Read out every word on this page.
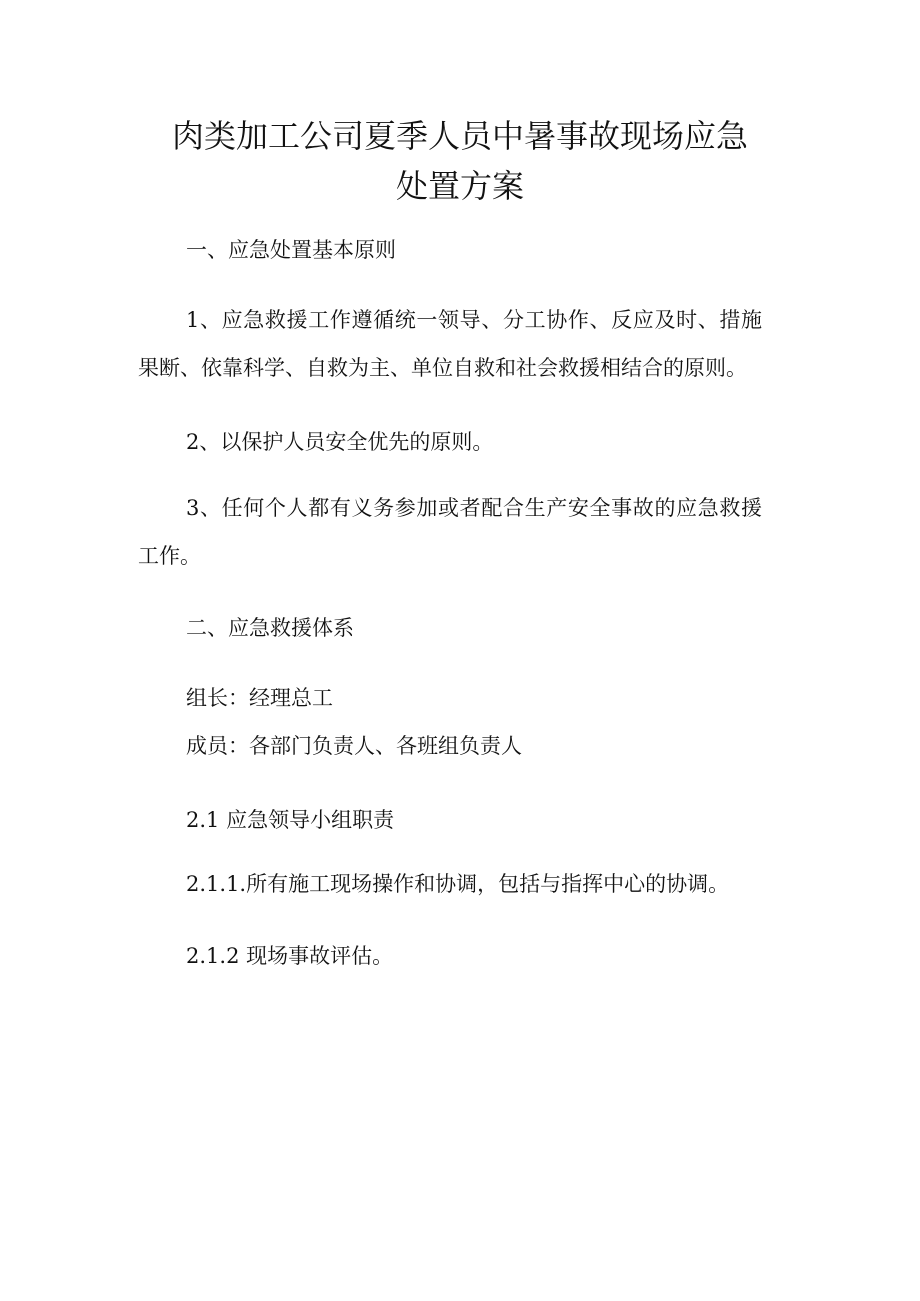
肉类加工公司夏季人员中暑事故现场应急
处置方案

一、应急处置基本原则

1、应急救援工作遵循统一领导、分工协作、反应及时、措施

果断、依靠科学、自救为主、单位自救和社会救援相结合的原则。

2、以保护人员安全优先的原则。

3、任何个人都有义务参加或者配合生产安全事故的应急救援

工作。

二、应急救援体系

组长：经理总工

成员：各部门负责人、各班组负责人

2.1 应急领导小组职责

2.1.1.所有施工现场操作和协调，包括与指挥中心的协调。

2.1.2 现场事故评估。
